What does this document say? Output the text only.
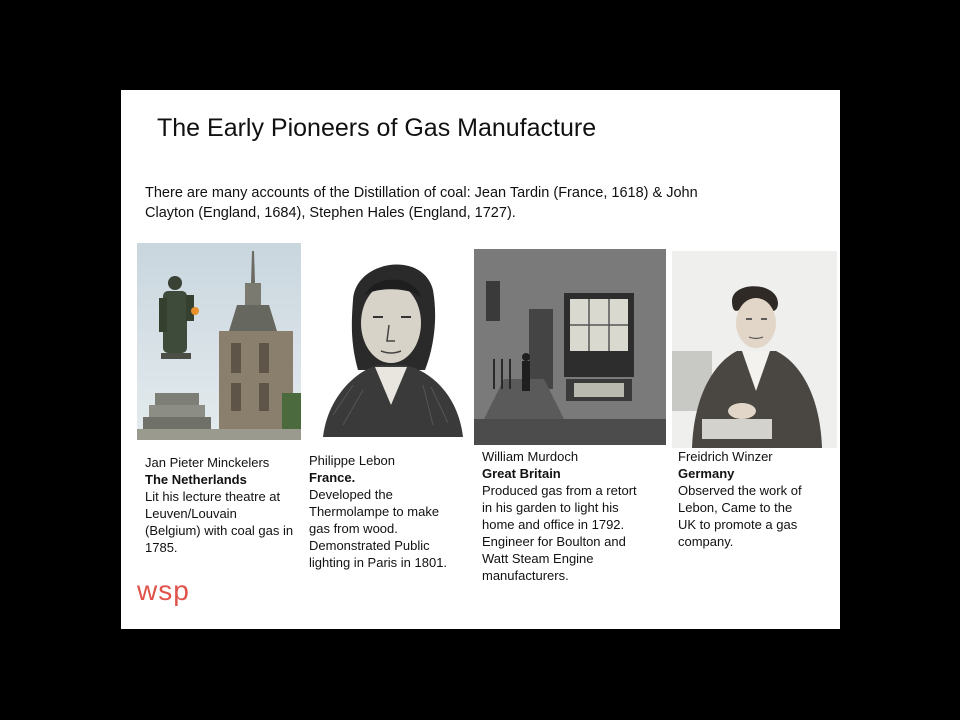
The Early Pioneers of Gas Manufacture
There are many accounts of the Distillation of coal: Jean Tardin (France, 1618) & John
Clayton (England, 1684), Stephen Hales (England, 1727).
Jan Pieter Minckelers
The Netherlands
Lit his lecture theatre at
Leuven/Louvain
(Belgium) with coal gas in
1785.
Philippe Lebon
France.
Developed the
Thermolampe to make
gas from wood.
Demonstrated Public
lighting in Paris in 1801.
William Murdoch
Great Britain
Produced gas from a retort
in his garden to light his
home and office in 1792.
Engineer for Boulton and
Watt Steam Engine
manufacturers.
Freidrich Winzer
Germany
Observed the work of
Lebon, Came to the
UK to promote a gas
company.
wsp
